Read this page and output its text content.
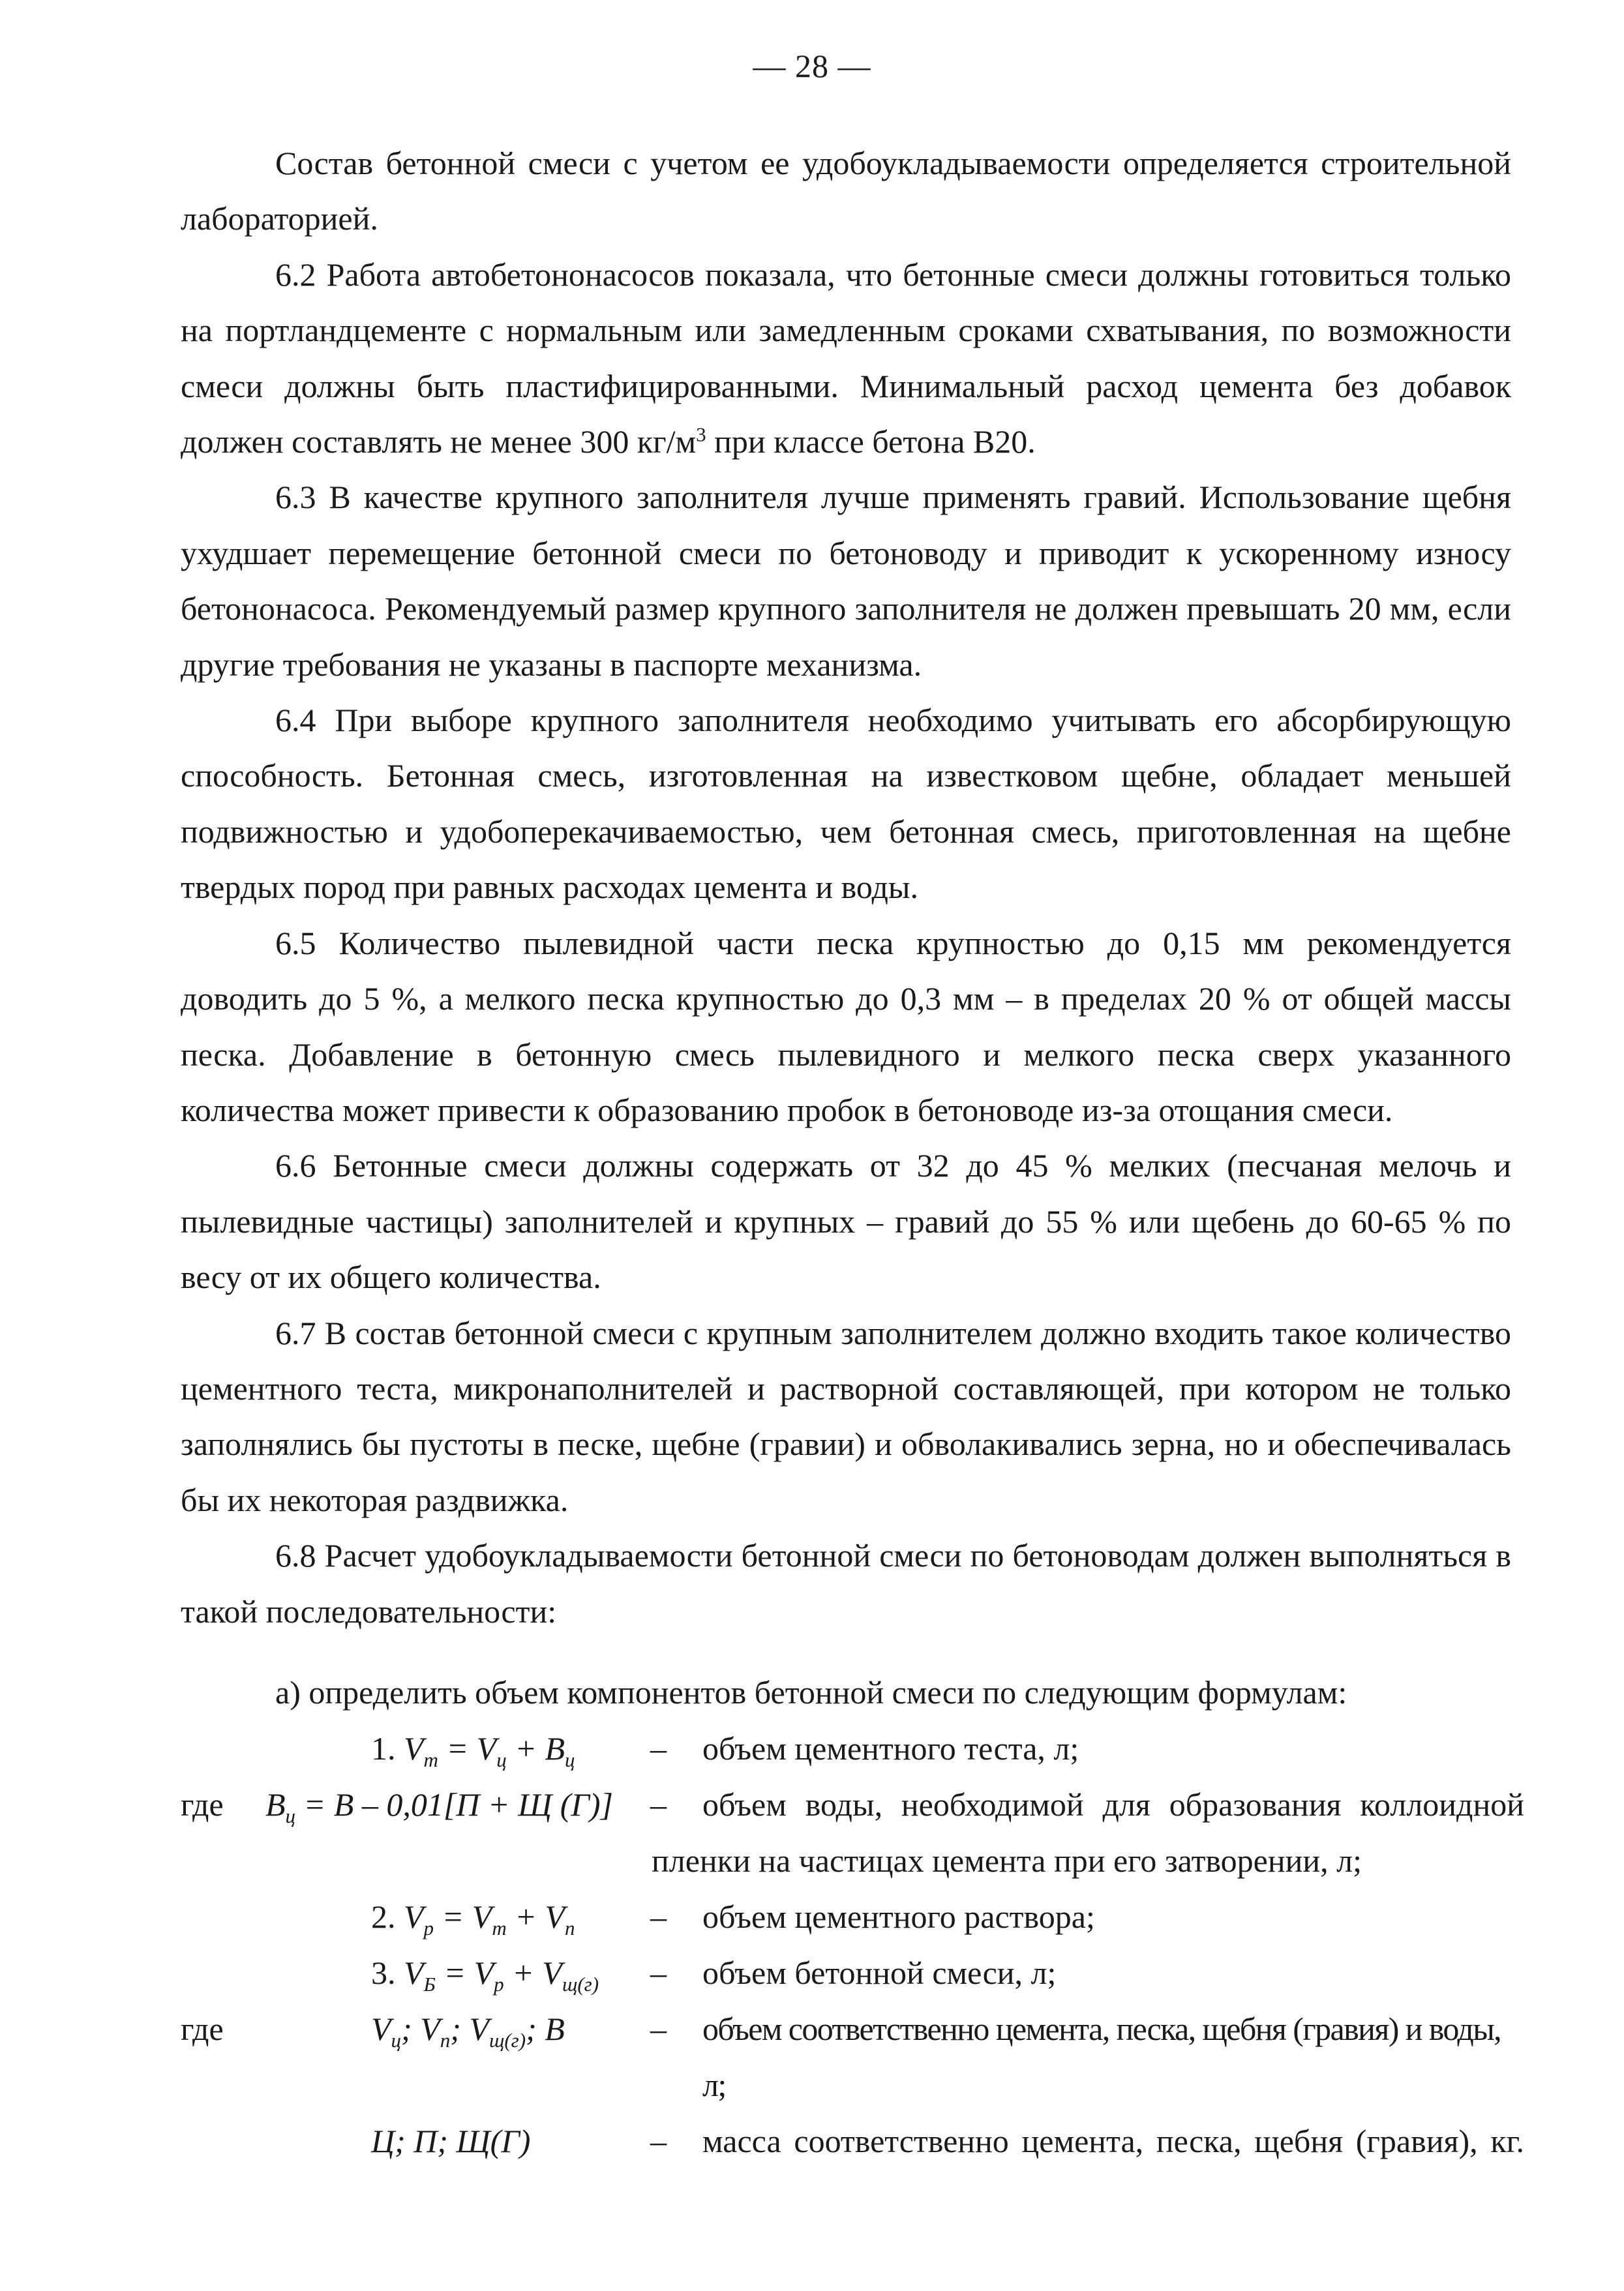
— 28 —

Состав бетонной смеси с учетом ее удобоукладываемости определяется строительной лабораторией.

6.2 Работа автобетононасосов показала, что бетонные смеси должны готовиться только на портландцементе с нормальным или замедленным сроками схватывания, по возможности смеси должны быть пластифицированными. Минимальный расход цемента без добавок должен составлять не менее 300 $кг/м^3$ при классе бетона В20.

6.3 В качестве крупного заполнителя лучше применять гравий. Использование щебня ухудшает перемещение бетонной смеси по бетоноводу и приводит к ускоренному износу бетононасоса. Рекомендуемый размер крупного заполнителя не должен превышать 20 мм, если другие требования не указаны в паспорте механизма.

6.4 При выборе крупного заполнителя необходимо учитывать его абсорбирующую способность. Бетонная смесь, изготовленная на известковом щебне, обладает меньшей подвижностью и удобоперекачиваемостью, чем бетонная смесь, приготовленная на щебне твердых пород при равных расходах цемента и воды.

6.5 Количество пылевидной части песка крупностью до 0,15 мм рекомендуется доводить до 5 %, а мелкого песка крупностью до 0,3 мм – в пределах 20 % от общей массы песка. Добавление в бетонную смесь пылевидного и мелкого песка сверх указанного количества может привести к образованию пробок в бетоноводе из-за отощания смеси.

6.6 Бетонные смеси должны содержать от 32 до 45 % мелких (песчаная мелочь и пылевидные частицы) заполнителей и крупных – гравий до 55 % или щебень до 60-65 % по весу от их общего количества.

6.7 В состав бетонной смеси с крупным заполнителем должно входить такое количество цементного теста, микронаполнителей и растворной составляющей, при котором не только заполнялись бы пустоты в песке, щебне (гравии) и обволакивались зерна, но и обеспечивалась бы их некоторая раздвижка.

6.8 Расчет удобоукладываемости бетонной смеси по бетоноводам должен выполняться в такой последовательности:

а) определить объем компонентов бетонной смеси по следующим формулам:
1. $V_т = V_ц + В_ц$	–	объем цементного теста, л;
где	$В_ц = В - 0,01[П + Щ$ (Г)]	–	объем воды, необходимой для образования коллоидной
пленки на частицах цемента при его затворении, л;
2. $V_р = V_т + V_п$	–	объем цементного раствора;
3. $V_Б = V_р + V_{щ(г)}$	–	объем бетонной смеси, л;
где	$V_ц$; $V_п$; $V_{щ(г)}$; В	–	объем соответственно цемента, песка, щебня (гравия) и воды, л;
Ц; П; Щ(Г)	–	масса соответственно цемента, песка, щебня (гравия), кг.
